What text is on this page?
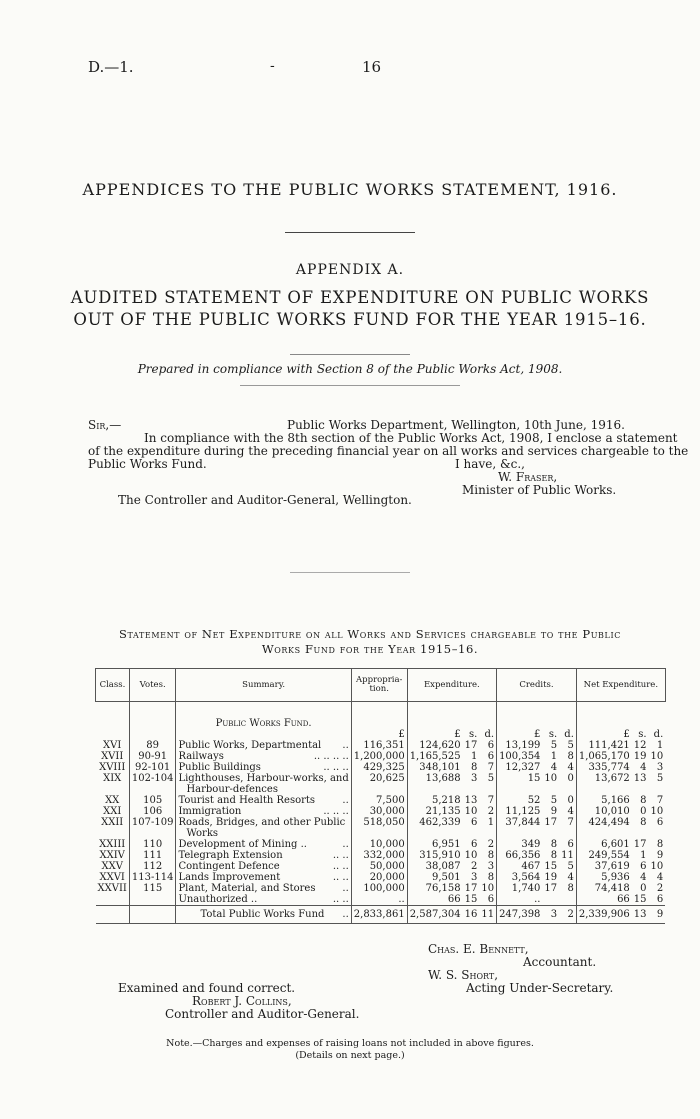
D.—1.	-	16
APPENDICES TO THE PUBLIC WORKS STATEMENT, 1916.
APPENDIX A.
AUDITED STATEMENT OF EXPENDITURE ON PUBLIC WORKS
OUT OF THE PUBLIC WORKS FUND FOR THE YEAR 1915–16.
Prepared in compliance with Section 8 of the Public Works Act, 1908.
Sir,—	Public Works Department, Wellington, 10th June, 1916.
In compliance with the 8th section of the Public Works Act, 1908, I enclose a statement
of the expenditure during the preceding financial year on all works and services chargeable to the
Public Works Fund.	I have, &c.,
W. Fraser,
Minister of Public Works.
The Controller and Auditor-General, Wellington.
Statement of Net Expenditure on all Works and Services chargeable to the Public
Works Fund for the Year 1915–16.
Class.	Votes.	Summary.	Appropria-
tion.	Expenditure.			Credits.			Net Expenditure.		

		Public Works Fund.										
			£	£	s.	d.	£	s.	d.	£	s.	d.
XVI	89	Public Works, Departmental ..	116,351	124,620	17	6	13,199	5	5	111,421	12	1
XVII	90-91	Railways .. .. .. ..	1,200,000	1,165,525	1	6	100,354	1	8	1,065,170	19	10
XVIII	92-101	Public Buildings .. .. ..	429,325	348,101	8	7	12,327	4	4	335,774	4	3
XIX	102-104	Lighthouses, Harbour-works, and
Harbour-defences	20,625	13,688	3	5	15	10	0	13,672	13	5
XX	105	Tourist and Health Resorts ..	7,500	5,218	13	7	52	5	0	5,166	8	7
XXI	106	Immigration .. .. ..	30,000	21,135	10	2	11,125	9	4	10,010	0	10
XXII	107-109	Roads, Bridges, and other Public
Works	518,050	462,339	6	1	37,844	17	7	424,494	8	6
XXIII	110	Development of Mining .. ..	10,000	6,951	6	2	349	8	6	6,601	17	8
XXIV	111	Telegraph Extension .. ..	332,000	315,910	10	8	66,356	8	11	249,554	1	9
XXV	112	Contingent Defence .. ..	50,000	38,087	2	3	467	15	5	37,619	6	10
XXVI	113-114	Lands Improvement .. ..	20,000	9,501	3	8	3,564	19	4	5,936	4	4
XXVII	115	Plant, Material, and Stores ..	100,000	76,158	17	10	1,740	17	8	74,418	0	2
		Unauthorized .. .. ..	..	66	15	6	..			66	15	6
		Total Public Works Fund ..	2,833,861	2,587,304	16	11	247,398	3	2	2,339,906	13	9
Chas. E. Bennett,
Accountant.
W. S. Short,
Acting Under-Secretary.
Examined and found correct.
Robert J. Collins,
Controller and Auditor-General.
Note.—Charges and expenses of raising loans not included in above figures.
(Details on next page.)
